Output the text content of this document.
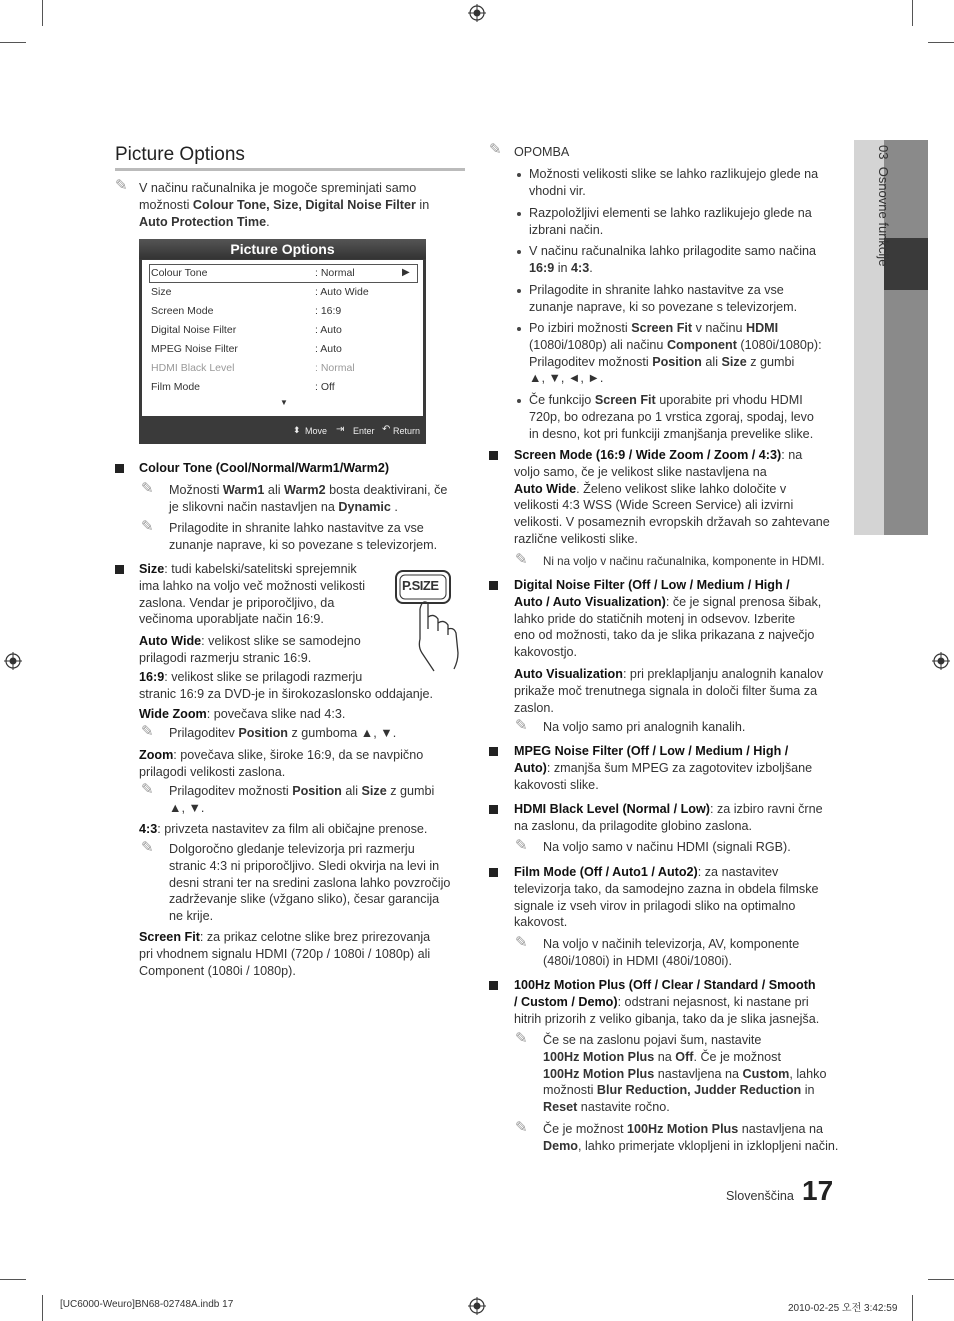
03  Osnovne funkcije
Picture Options
✎ V načinu računalnika je mogoče spreminjati samo
možnosti Colour Tone, Size, Digital Noise Filter in
Auto Protection Time.
Picture Options
Colour Tone	: Normal	▶
Size	: Auto Wide
Screen Mode	: 16:9
Digital Noise Filter	: Auto
MPEG Noise Filter	: Auto
HDMI Black Level	: Normal
Film Mode	: Off
▼
⬍ Move ⇥ Enter ↶ Return
Colour Tone (Cool/Normal/Warm1/Warm2)
✎ Možnosti Warm1 ali Warm2 bosta deaktivirani, če
je slikovni način nastavljen na Dynamic .
✎ Prilagodite in shranite lahko nastavitve za vse
zunanje naprave, ki so povezane s televizorjem.
Size: tudi kabelski/satelitski sprejemnik
ima lahko na voljo več možnosti velikosti
zaslona. Vendar je priporočljivo, da
večinoma uporabljate način 16:9.
P.SIZE
Auto Wide: velikost slike se samodejno
prilagodi razmerju stranic 16:9.
16:9: velikost slike se prilagodi razmerju
stranic 16:9 za DVD-je in širokozaslonsko oddajanje.
Wide Zoom: povečava slike nad 4:3.
✎ Prilagoditev Position z gumboma ▲, ▼.
Zoom: povečava slike, široke 16:9, da se navpično
prilagodi velikosti zaslona.
✎ Prilagoditev možnosti Position ali Size z gumbi
▲, ▼.
4:3: privzeta nastavitev za film ali običajne prenose.
✎ Dolgoročno gledanje televizorja pri razmerju
stranic 4:3 ni priporočljivo. Sledi okvirja na levi in
desni strani ter na sredini zaslona lahko povzročijo
zadrževanje slike (vžgano sliko), česar garancija
ne krije.
Screen Fit: za prikaz celotne slike brez prirezovanja
pri vhodnem signalu HDMI (720p / 1080i / 1080p) ali
Component (1080i / 1080p).
✎ OPOMBA
Možnosti velikosti slike se lahko razlikujejo glede na
vhodni vir.
Razpoložljivi elementi se lahko razlikujejo glede na
izbrani način.
V načinu računalnika lahko prilagodite samo načina
16:9 in 4:3.
Prilagodite in shranite lahko nastavitve za vse
zunanje naprave, ki so povezane s televizorjem.
Po izbiri možnosti Screen Fit v načinu HDMI
(1080i/1080p) ali načinu Component (1080i/1080p):
Prilagoditev možnosti Position ali Size z gumbi
▲, ▼, ◄, ►.
Če funkcijo Screen Fit uporabite pri vhodu HDMI
720p, bo odrezana po 1 vrstica zgoraj, spodaj, levo
in desno, kot pri funkciji zmanjšanja prevelike slike.
Screen Mode (16:9 / Wide Zoom / Zoom / 4:3): na
voljo samo, če je velikost slike nastavljena na
Auto Wide. Želeno velikost slike lahko določite v
velikosti 4:3 WSS (Wide Screen Service) ali izvirni
velikosti. V posameznih evropskih državah so zahtevane
različne velikosti slike.
✎ Ni na voljo v načinu računalnika, komponente in HDMI.
Digital Noise Filter (Off / Low / Medium / High /
Auto / Auto Visualization): če je signal prenosa šibak,
lahko pride do statičnih motenj in odsevov. Izberite
eno od možnosti, tako da je slika prikazana z največjo
kakovostjo.
Auto Visualization: pri preklapljanju analognih kanalov
prikaže moč trenutnega signala in določi filter šuma za
zaslon.
✎ Na voljo samo pri analognih kanalih.
MPEG Noise Filter (Off / Low / Medium / High /
Auto): zmanjša šum MPEG za zagotovitev izboljšane
kakovosti slike.
HDMI Black Level (Normal / Low): za izbiro ravni črne
na zaslonu, da prilagodite globino zaslona.
✎ Na voljo samo v načinu HDMI (signali RGB).
Film Mode (Off / Auto1 / Auto2): za nastavitev
televizorja tako, da samodejno zazna in obdela filmske
signale iz vseh virov in prilagodi sliko na optimalno
kakovost.
✎ Na voljo v načinih televizorja, AV, komponente
(480i/1080i) in HDMI (480i/1080i).
100Hz Motion Plus (Off / Clear / Standard / Smooth
/ Custom / Demo): odstrani nejasnost, ki nastane pri
hitrih prizorih z veliko gibanja, tako da je slika jasnejša.
✎ Če se na zaslonu pojavi šum, nastavite
100Hz Motion Plus na Off. Če je možnost
100Hz Motion Plus nastavljena na Custom, lahko
možnosti Blur Reduction, Judder Reduction in
Reset nastavite ročno.
✎ Če je možnost 100Hz Motion Plus nastavljena na
Demo, lahko primerjate vklopljeni in izklopljeni način.
Slovenščina 17
[UC6000-Weuro]BN68-02748A.indb 17	2010-02-25 오전 3:42:59
